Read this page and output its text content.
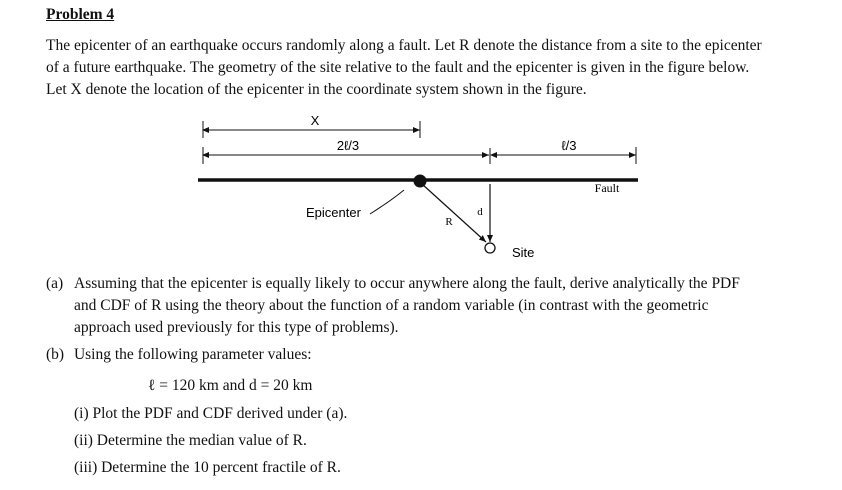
Problem 4
The epicenter of an earthquake occurs randomly along a fault. Let R denote the distance from a site to the epicenter
of a future earthquake. The geometry of the site relative to the fault and the epicenter is given in the figure below.
Let X denote the location of the epicenter in the coordinate system shown in the figure.
X
2ℓ/3	ℓ/3
Fault
Epicenter
R
d
Site
(a) Assuming that the epicenter is equally likely to occur anywhere along the fault, derive analytically the PDF
and CDF of R using the theory about the function of a random variable (in contrast with the geometric
approach used previously for this type of problems).
(b) Using the following parameter values:
ℓ = 120 km and d = 20 km
(i) Plot the PDF and CDF derived under (a).
(ii) Determine the median value of R.
(iii) Determine the 10 percent fractile of R.
